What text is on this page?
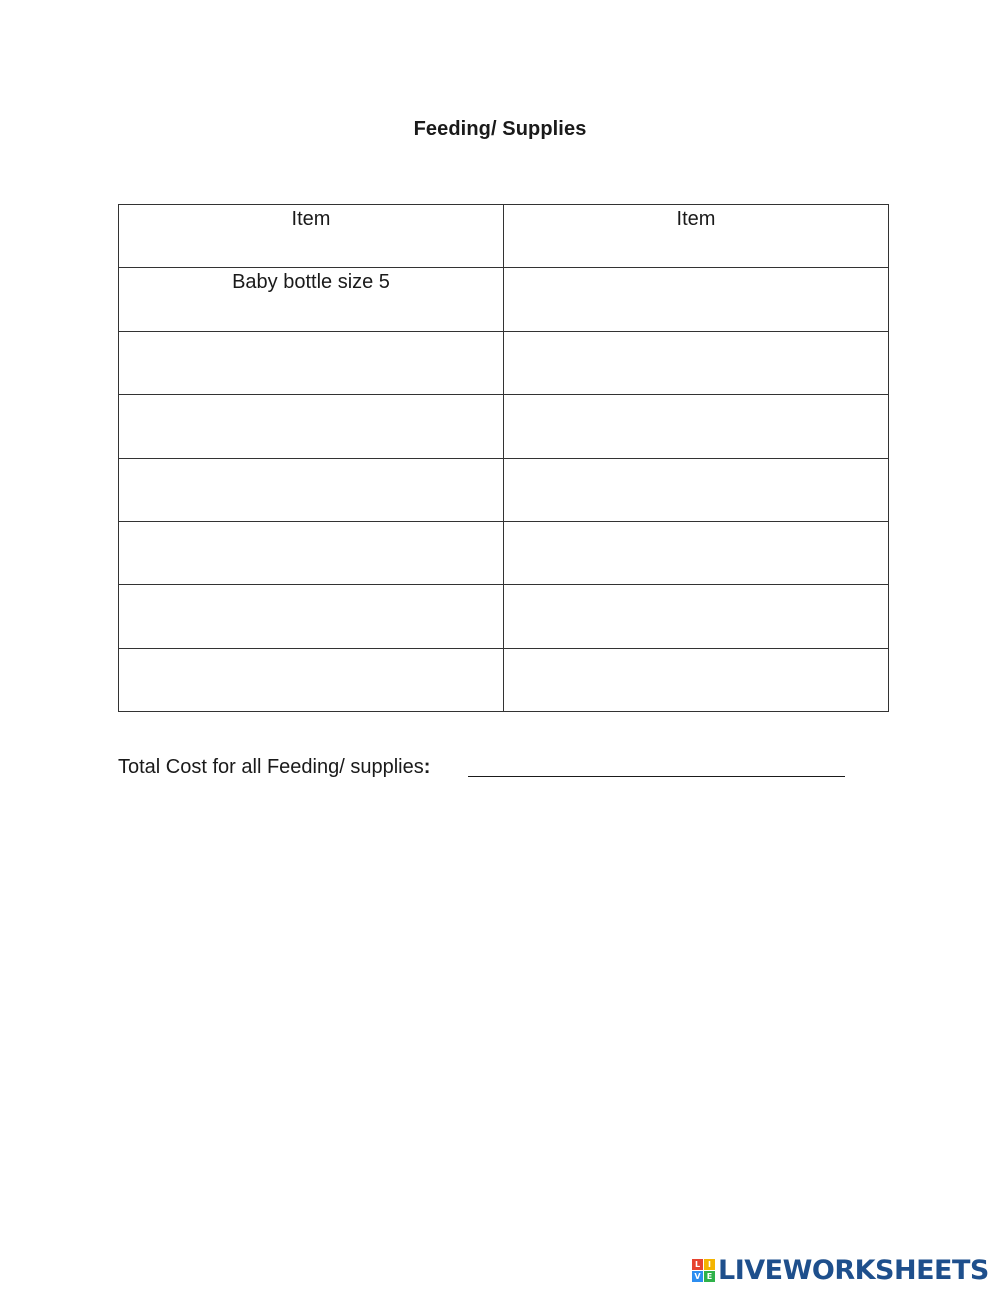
Feeding/ Supplies
Item	Item
Baby bottle size 5	

Total Cost for all Feeding/ supplies:
L I
V E LIVEWORKSHEETS
